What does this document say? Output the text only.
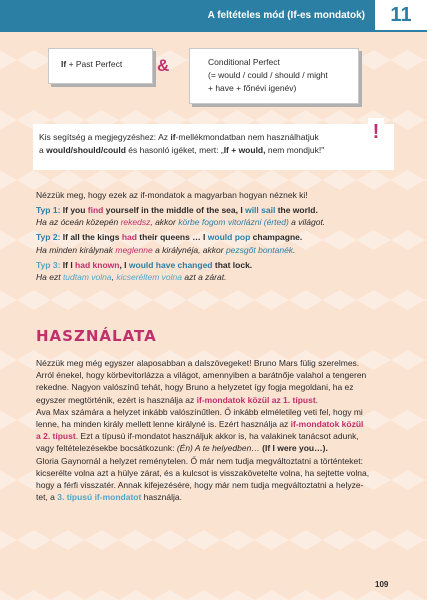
A feltételes mód (If-es mondatok)	11
If + Past Perfect	&	Conditional Perfect
(= would / could / should / might
+ have + főnévi igenév)
Kis segítség a megjegyzéshez: Az if-mellékmondatban nem használhatjuk
a would/should/could és hasonló igéket, mert: „If + would, nem mondjuk!"
!
Nézzük meg, hogy ezek az if-mondatok a magyarban hogyan néznek ki!
Typ 1: If you find yourself in the middle of the sea, I will sail the world.
Ha az óceán közepén rekedsz, akkor körbe fogom vitorlázni (érted) a világot.
Typ 2: If all the kings had their queens … I would pop champagne.
Ha minden királynak meglenne a királynéja, akkor pezsgőt bontanék.
Typ 3: If I had known, I would have changed that lock.
Ha ezt tudtam volna, kicseréltem volna azt a zárat.
HASZNÁLATA
Nézzük meg még egyszer alaposabban a dalszövegeket! Bruno Mars fülig szerelmes.
Arról énekel, hogy körbevitorlázza a világot, amennyiben a barátnője valahol a tengeren
rekedne. Nagyon valószínű tehát, hogy Bruno a helyzetet így fogja megoldani, ha ez
egyszer megtörténik, ezért is használja az if-mondatok közül az 1. típust.
Ava Max számára a helyzet inkább valószínűtlen. Ő inkább elméletileg veti fel, hogy mi
lenne, ha minden király mellett lenne királyné is. Ezért használja az if-mondatok közül
a 2. típust. Ezt a típusú if-mondatot használjuk akkor is, ha valakinek tanácsot adunk,
vagy feltételezésekbe bocsátkozunk: (Én) A te helyedben… (If I were you…).
Gloria Gaynornál a helyzet reménytelen. Ő már nem tudja megváltoztatni a történteket:
kicserélte volna azt a hülye zárat, és a kulcsot is visszakövetelte volna, ha sejtette volna,
hogy a férfi visszatér. Annak kifejezésére, hogy már nem tudja megváltoztatni a helyze-
tet, a 3. típusú if-mondatot használja.
109
